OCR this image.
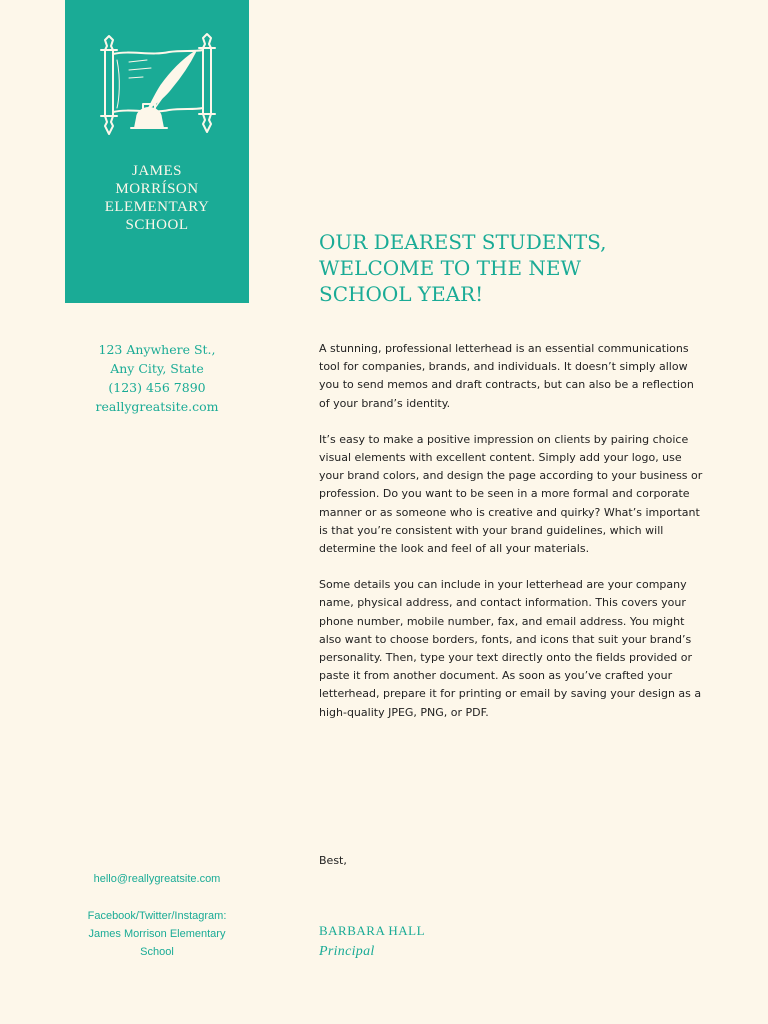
JAMES
MORRÍSON
ELEMENTARY
SCHOOL
123 Anywhere St.,
Any City, State
(123) 456 7890
reallygreatsite.com
hello@reallygreatsite.com
Facebook/Twitter/Instagram:
James Morrison Elementary
School
OUR DEAREST STUDENTS,
WELCOME TO THE NEW
SCHOOL YEAR!

A stunning, professional letterhead is an essential communications tool for companies, brands, and individuals. It doesn’t simply allow you to send memos and draft contracts, but can also be a reflection of your brand’s identity.

It’s easy to make a positive impression on clients by pairing choice visual elements with excellent content. Simply add your logo, use your brand colors, and design the page according to your business or profession. Do you want to be seen in a more formal and corporate manner or as someone who is creative and quirky? What’s important is that you’re consistent with your brand guidelines, which will determine the look and feel of all your materials.

Some details you can include in your letterhead are your company name, physical address, and contact information. This covers your phone number, mobile number, fax, and email address. You might also want to choose borders, fonts, and icons that suit your brand’s personality. Then, type your text directly onto the fields provided or paste it from another document. As soon as you’ve crafted your letterhead, prepare it for printing or email by saving your design as a high-quality JPEG, PNG, or PDF.

Best,
BARBARA HALL
Principal
